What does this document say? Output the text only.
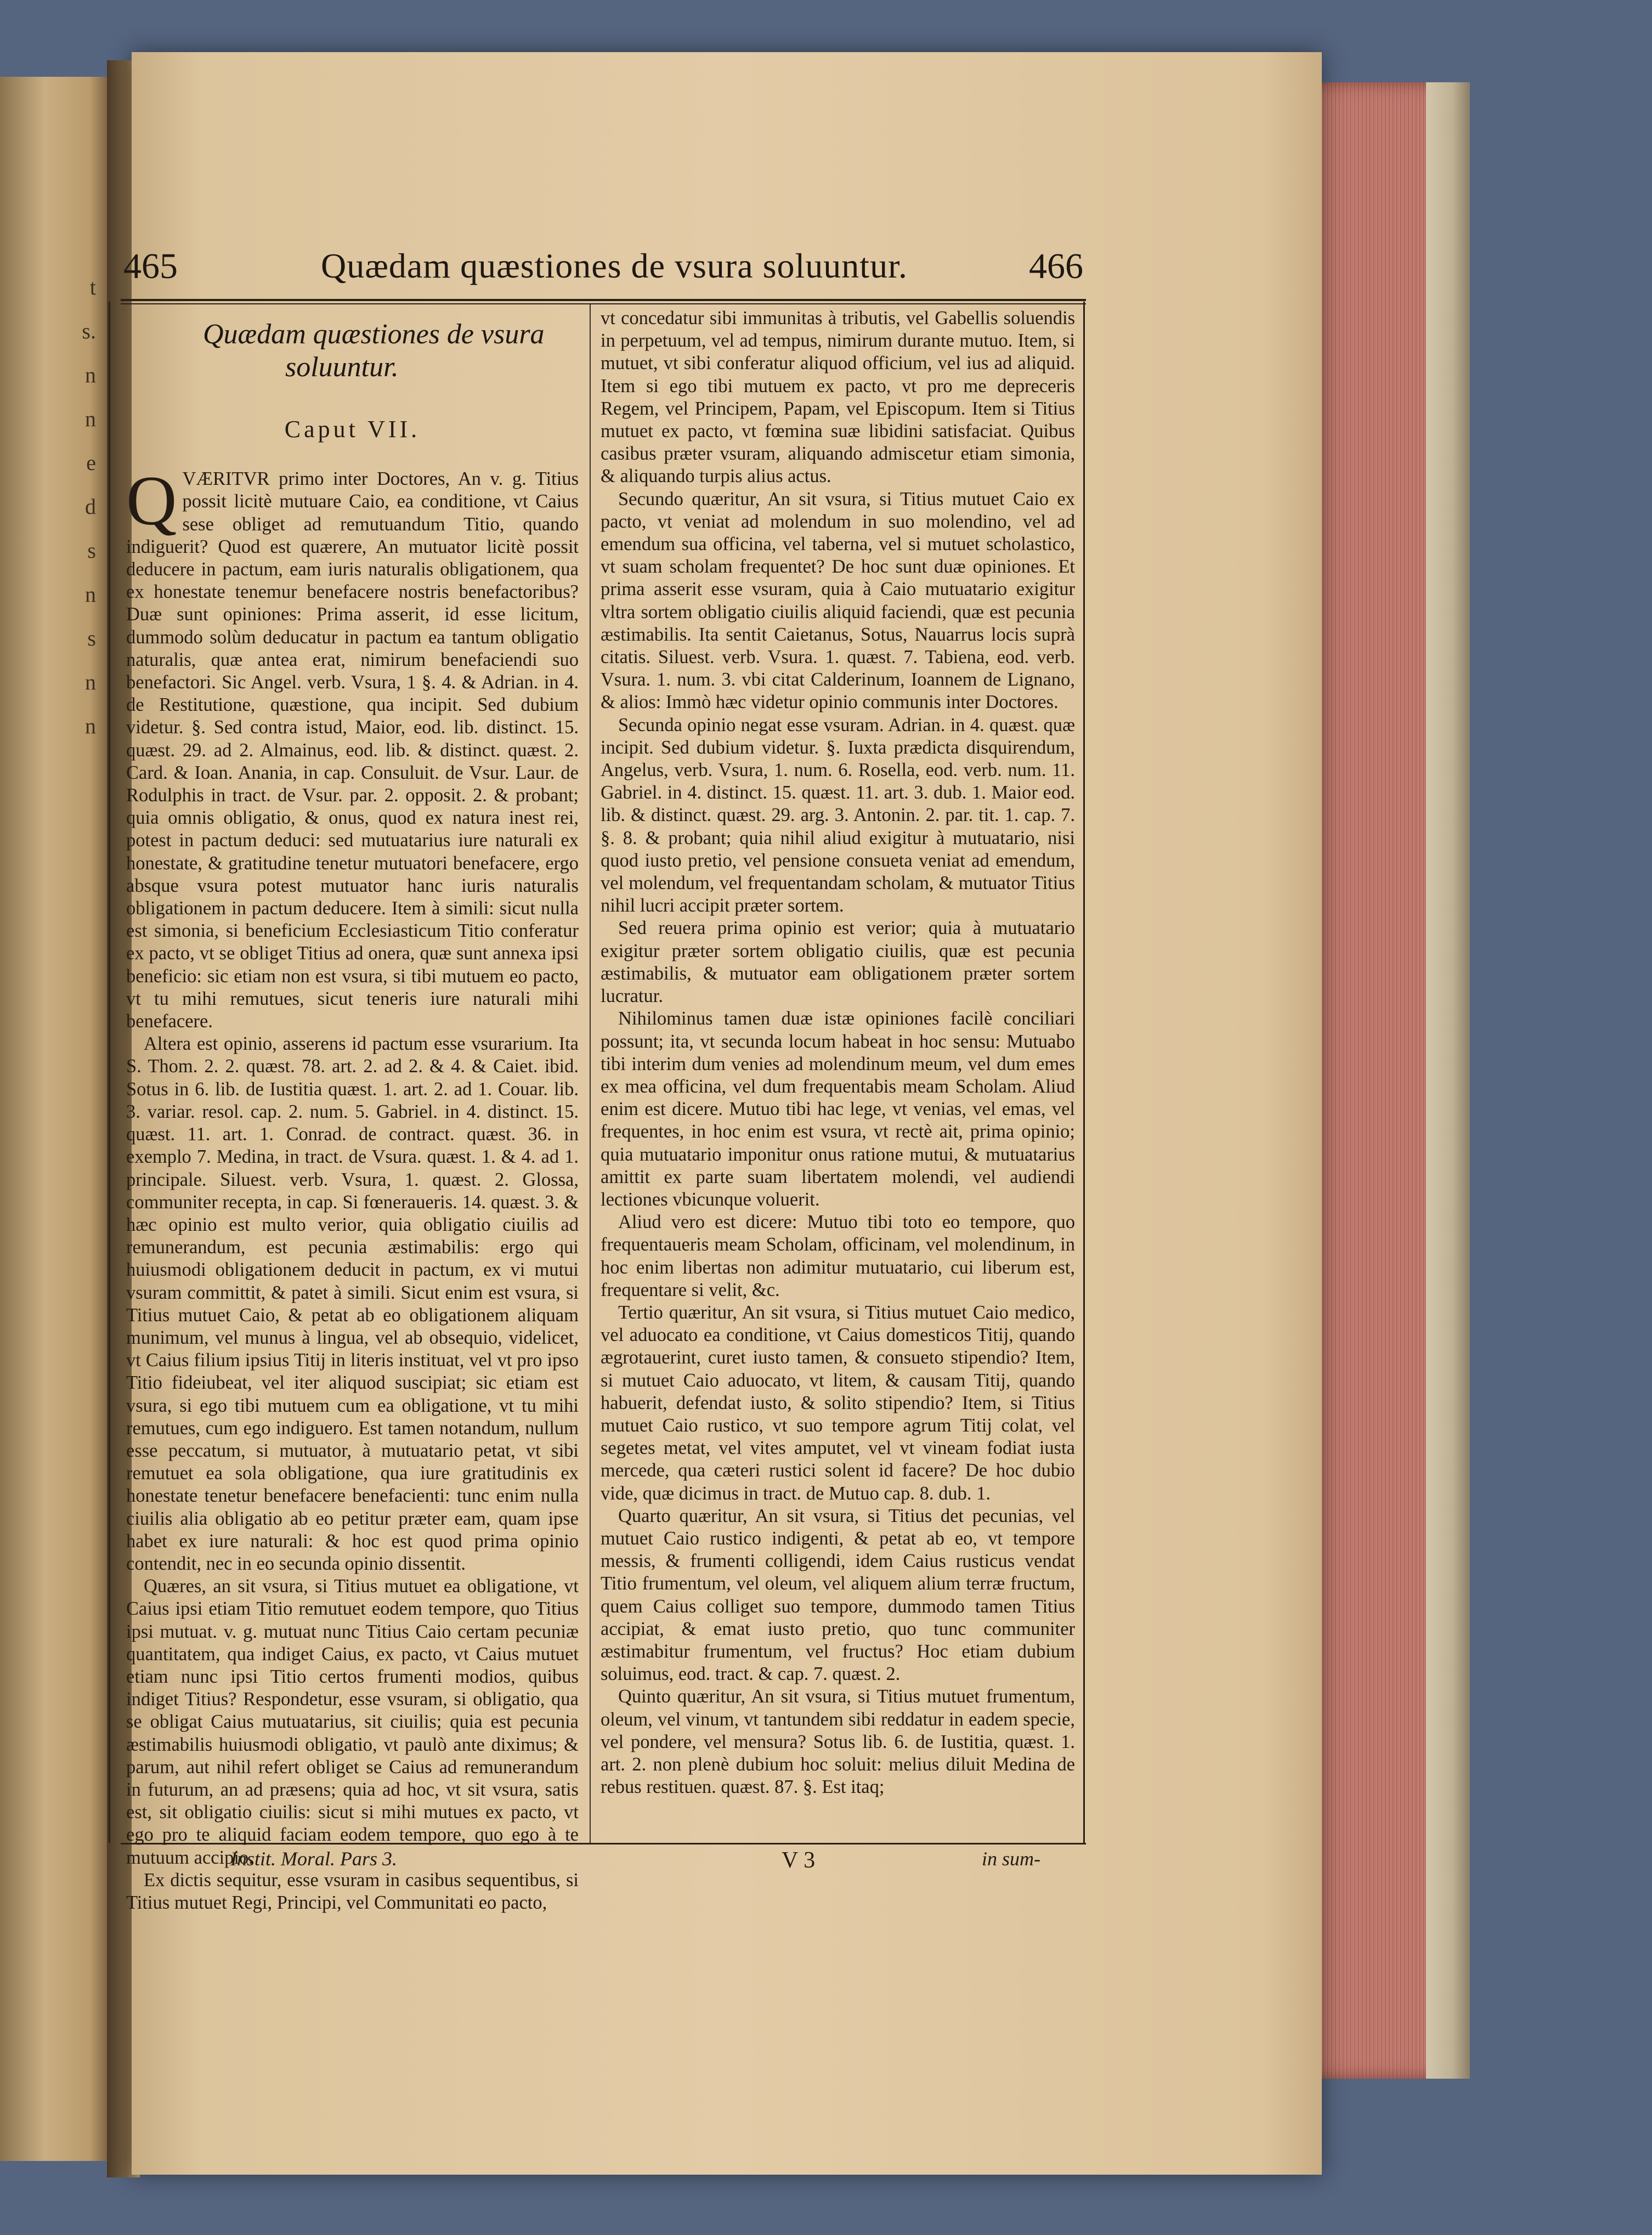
t
s.
n
n
e
d
s
n
s
n
n
465	Quædam quæstiones de vsura soluuntur.	466
Quædam quæstiones de vsura
soluuntur.
Caput VII.

QVÆRITVR primo inter Doctores, An v. g. Titius possit licitè mutuare Caio, ea conditione, vt Caius sese obliget ad remutuandum Titio, quando indiguerit? Quod est quærere, An mutuator licitè possit deducere in pactum, eam iuris naturalis obligationem, qua ex honestate tenemur benefacere nostris benefactoribus? Duæ sunt opiniones: Prima asserit, id esse licitum, dummodo solùm deducatur in pactum ea tantum obligatio naturalis, quæ antea erat, nimirum benefaciendi suo benefactori. Sic Angel. verb. Vsura, 1 §. 4. & Adrian. in 4. de Restitutione, quæstione, qua incipit. Sed dubium videtur. §. Sed contra istud, Maior, eod. lib. distinct. 15. quæst. 29. ad 2. Almainus, eod. lib. & distinct. quæst. 2. Card. & Ioan. Anania, in cap. Consuluit. de Vsur. Laur. de Rodulphis in tract. de Vsur. par. 2. opposit. 2. & probant; quia omnis obligatio, & onus, quod ex natura inest rei, potest in pactum deduci: sed mutuatarius iure naturali ex honestate, & gratitudine tenetur mutuatori benefacere, ergo absque vsura potest mutuator hanc iuris naturalis obligationem in pactum deducere. Item à simili: sicut nulla est simonia, si beneficium Ecclesiasticum Titio conferatur ex pacto, vt se obliget Titius ad onera, quæ sunt annexa ipsi beneficio: sic etiam non est vsura, si tibi mutuem eo pacto, vt tu mihi remutues, sicut teneris iure naturali mihi benefacere.

Altera est opinio, asserens id pactum esse vsurarium. Ita S. Thom. 2. 2. quæst. 78. art. 2. ad 2. & 4. & Caiet. ibid. Sotus in 6. lib. de Iustitia quæst. 1. art. 2. ad 1. Couar. lib. 3. variar. resol. cap. 2. num. 5. Gabriel. in 4. distinct. 15. quæst. 11. art. 1. Conrad. de contract. quæst. 36. in exemplo 7. Medina, in tract. de Vsura. quæst. 1. & 4. ad 1. principale. Siluest. verb. Vsura, 1. quæst. 2. Glossa, communiter recepta, in cap. Si fœneraueris. 14. quæst. 3. & hæc opinio est multo verior, quia obligatio ciuilis ad remunerandum, est pecunia æstimabilis: ergo qui huiusmodi obligationem deducit in pactum, ex vi mutui vsuram committit, & patet à simili. Sicut enim est vsura, si Titius mutuet Caio, & petat ab eo obligationem aliquam munimum, vel munus à lingua, vel ab obsequio, videlicet, vt Caius filium ipsius Titij in literis instituat, vel vt pro ipso Titio fideiubeat, vel iter aliquod suscipiat; sic etiam est vsura, si ego tibi mutuem cum ea obligatione, vt tu mihi remutues, cum ego indiguero. Est tamen notandum, nullum esse peccatum, si mutuator, à mutuatario petat, vt sibi remutuet ea sola obligatione, qua iure gratitudinis ex honestate tenetur benefacere benefacienti: tunc enim nulla ciuilis alia obligatio ab eo petitur præter eam, quam ipse habet ex iure naturali: & hoc est quod prima opinio contendit, nec in eo secunda opinio dissentit.

Quæres, an sit vsura, si Titius mutuet ea obligatione, vt Caius ipsi etiam Titio remutuet eodem tempore, quo Titius ipsi mutuat. v. g. mutuat nunc Titius Caio certam pecuniæ quantitatem, qua indiget Caius, ex pacto, vt Caius mutuet etiam nunc ipsi Titio certos frumenti modios, quibus indiget Titius? Respondetur, esse vsuram, si obligatio, qua se obligat Caius mutuatarius, sit ciuilis; quia est pecunia æstimabilis huiusmodi obligatio, vt paulò ante diximus; & parum, aut nihil refert obliget se Caius ad remunerandum in futurum, an ad præsens; quia ad hoc, vt sit vsura, satis est, sit obligatio ciuilis: sicut si mihi mutues ex pacto, vt ego pro te aliquid faciam eodem tempore, quo ego à te mutuum accipio.

Ex dictis sequitur, esse vsuram in casibus sequentibus, si Titius mutuet Regi, Principi, vel Communitati eo pacto,

vt concedatur sibi immunitas à tributis, vel Gabellis soluendis in perpetuum, vel ad tempus, nimirum durante mutuo. Item, si mutuet, vt sibi conferatur aliquod officium, vel ius ad aliquid. Item si ego tibi mutuem ex pacto, vt pro me depreceris Regem, vel Principem, Papam, vel Episcopum. Item si Titius mutuet ex pacto, vt fœmina suæ libidini satisfaciat. Quibus casibus præter vsuram, aliquando admiscetur etiam simonia, & aliquando turpis alius actus.

Secundo quæritur, An sit vsura, si Titius mutuet Caio ex pacto, vt veniat ad molendum in suo molendino, vel ad emendum sua officina, vel taberna, vel si mutuet scholastico, vt suam scholam frequentet? De hoc sunt duæ opiniones. Et prima asserit esse vsuram, quia à Caio mutuatario exigitur vltra sortem obligatio ciuilis aliquid faciendi, quæ est pecunia æstimabilis. Ita sentit Caietanus, Sotus, Nauarrus locis suprà citatis. Siluest. verb. Vsura. 1. quæst. 7. Tabiena, eod. verb. Vsura. 1. num. 3. vbi citat Calderinum, Ioannem de Lignano, & alios: Immò hæc videtur opinio communis inter Doctores.

Secunda opinio negat esse vsuram. Adrian. in 4. quæst. quæ incipit. Sed dubium videtur. §. Iuxta prædicta disquirendum, Angelus, verb. Vsura, 1. num. 6. Rosella, eod. verb. num. 11. Gabriel. in 4. distinct. 15. quæst. 11. art. 3. dub. 1. Maior eod. lib. & distinct. quæst. 29. arg. 3. Antonin. 2. par. tit. 1. cap. 7. §. 8. & probant; quia nihil aliud exigitur à mutuatario, nisi quod iusto pretio, vel pensione consueta veniat ad emendum, vel molendum, vel frequentandam scholam, & mutuator Titius nihil lucri accipit præter sortem.

Sed reuera prima opinio est verior; quia à mutuatario exigitur præter sortem obligatio ciuilis, quæ est pecunia æstimabilis, & mutuator eam obligationem præter sortem lucratur.

Nihilominus tamen duæ istæ opiniones facilè conciliari possunt; ita, vt secunda locum habeat in hoc sensu: Mutuabo tibi interim dum venies ad molendinum meum, vel dum emes ex mea officina, vel dum frequentabis meam Scholam. Aliud enim est dicere. Mutuo tibi hac lege, vt venias, vel emas, vel frequentes, in hoc enim est vsura, vt rectè ait, prima opinio; quia mutuatario imponitur onus ratione mutui, & mutuatarius amittit ex parte suam libertatem molendi, vel audiendi lectiones vbicunque voluerit.

Aliud vero est dicere: Mutuo tibi toto eo tempore, quo frequentaueris meam Scholam, officinam, vel molendinum, in hoc enim libertas non adimitur mutuatario, cui liberum est, frequentare si velit, &c.

Tertio quæritur, An sit vsura, si Titius mutuet Caio medico, vel aduocato ea conditione, vt Caius domesticos Titij, quando ægrotauerint, curet iusto tamen, & consueto stipendio? Item, si mutuet Caio aduocato, vt litem, & causam Titij, quando habuerit, defendat iusto, & solito stipendio? Item, si Titius mutuet Caio rustico, vt suo tempore agrum Titij colat, vel segetes metat, vel vites amputet, vel vt vineam fodiat iusta mercede, qua cæteri rustici solent id facere? De hoc dubio vide, quæ dicimus in tract. de Mutuo cap. 8. dub. 1.

Quarto quæritur, An sit vsura, si Titius det pecunias, vel mutuet Caio rustico indigenti, & petat ab eo, vt tempore messis, & frumenti colligendi, idem Caius rusticus vendat Titio frumentum, vel oleum, vel aliquem alium terræ fructum, quem Caius colliget suo tempore, dummodo tamen Titius accipiat, & emat iusto pretio, quo tunc communiter æstimabitur frumentum, vel fructus? Hoc etiam dubium soluimus, eod. tract. & cap. 7. quæst. 2.

Quinto quæritur, An sit vsura, si Titius mutuet frumentum, oleum, vel vinum, vt tantundem sibi reddatur in eadem specie, vel pondere, vel mensura? Sotus lib. 6. de Iustitia, quæst. 1. art. 2. non plenè dubium hoc soluit: melius diluit Medina de rebus restituen. quæst. 87. §. Est itaq;

Instit. Moral. Pars 3.	V 3	in sum-
